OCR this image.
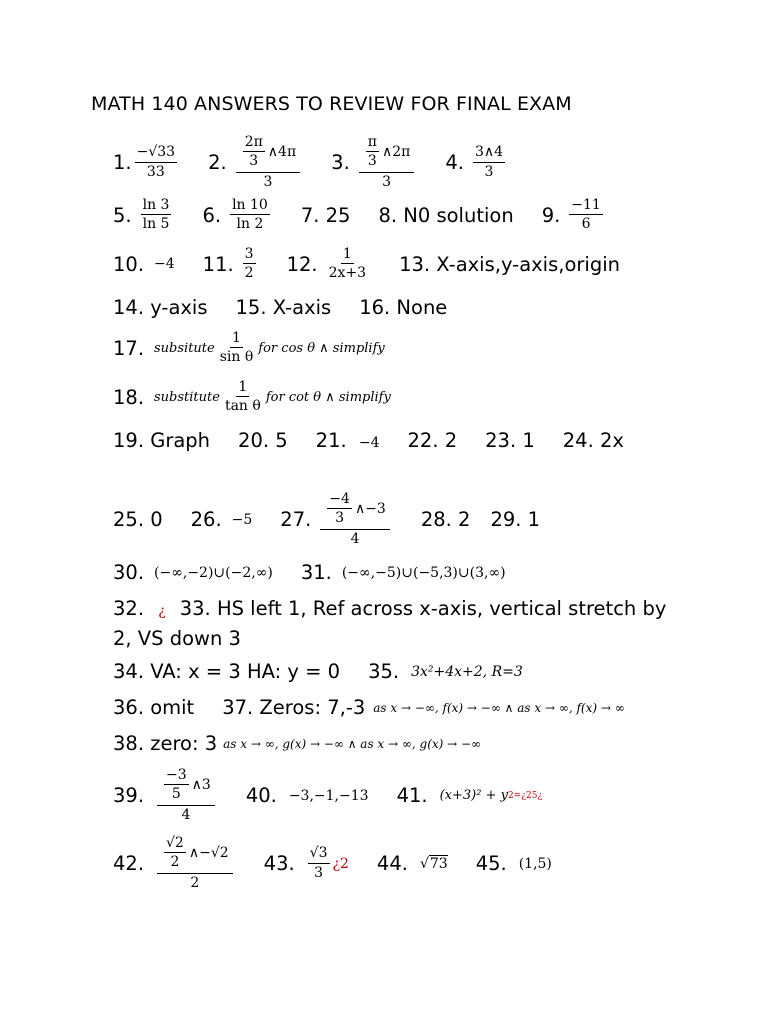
MATH 140 ANSWERS TO REVIEW FOR FINAL EXAM
1. $\frac{-√33}{33} 2$. $\frac{\frac{2\pi}{3} \wedge 4\pi}{3} 3$. $\frac{\frac{\pi}{3} \wedge 2\pi}{3} 4$. $\frac{3\wedge 4}{3}$
5. $\frac{\ln 3}{\ln 5} 6$. $\frac{\ln 10}{\ln 2} 7$. 25 8. N0 solution 9. $\frac{-11}{6}$
10. −4 11. $\frac{3}{2} 12$. $\frac{1}{2x+3} 13$. X-axis,y-axis,origin
14. y-axis 15. X-axis 16. None
17. subsitute $\frac{1}{\text{sin θ}}$ for cos θ ∧ simplify
18. substitute $\frac{1}{\text{tan θ}}$ for cot θ ∧ simplify
19. Graph 20. 5 21. −4 22. 2 23. 1 24. 2x
25. 0 26. −5 27. $\frac{\frac{-4}{3} \wedge-3}{4} 28$. 2 29. 1
30. (−∞,−2)∪(−2,∞) 31. (−∞,−5)∪(−5,3)∪(3,∞)
32. ¿ 33. HS left 1, Ref across x-axis, vertical stretch by 2, VS down 3
34. VA: x = 3 HA: y = 0 35. 3x²+4x+2, R=3
36. omit 37. Zeros: 7,-3 as x → −∞, f(x) → −∞ ∧ as x → ∞, f(x) → ∞
38. zero: 3 as x → ∞, g(x) → −∞ ∧ as x → ∞, g(x) → −∞
39. $\frac{\frac{-3}{5} \wedge 3}{4} 40$. −3,−1,−13 41. (x+3)² + y 2=¿25¿
42. $\frac{\frac{√2}{2} \wedge-√2}{2} 43$. $\frac{√3}{3}$ ¿2 44. √ 73 45. (1,5)
